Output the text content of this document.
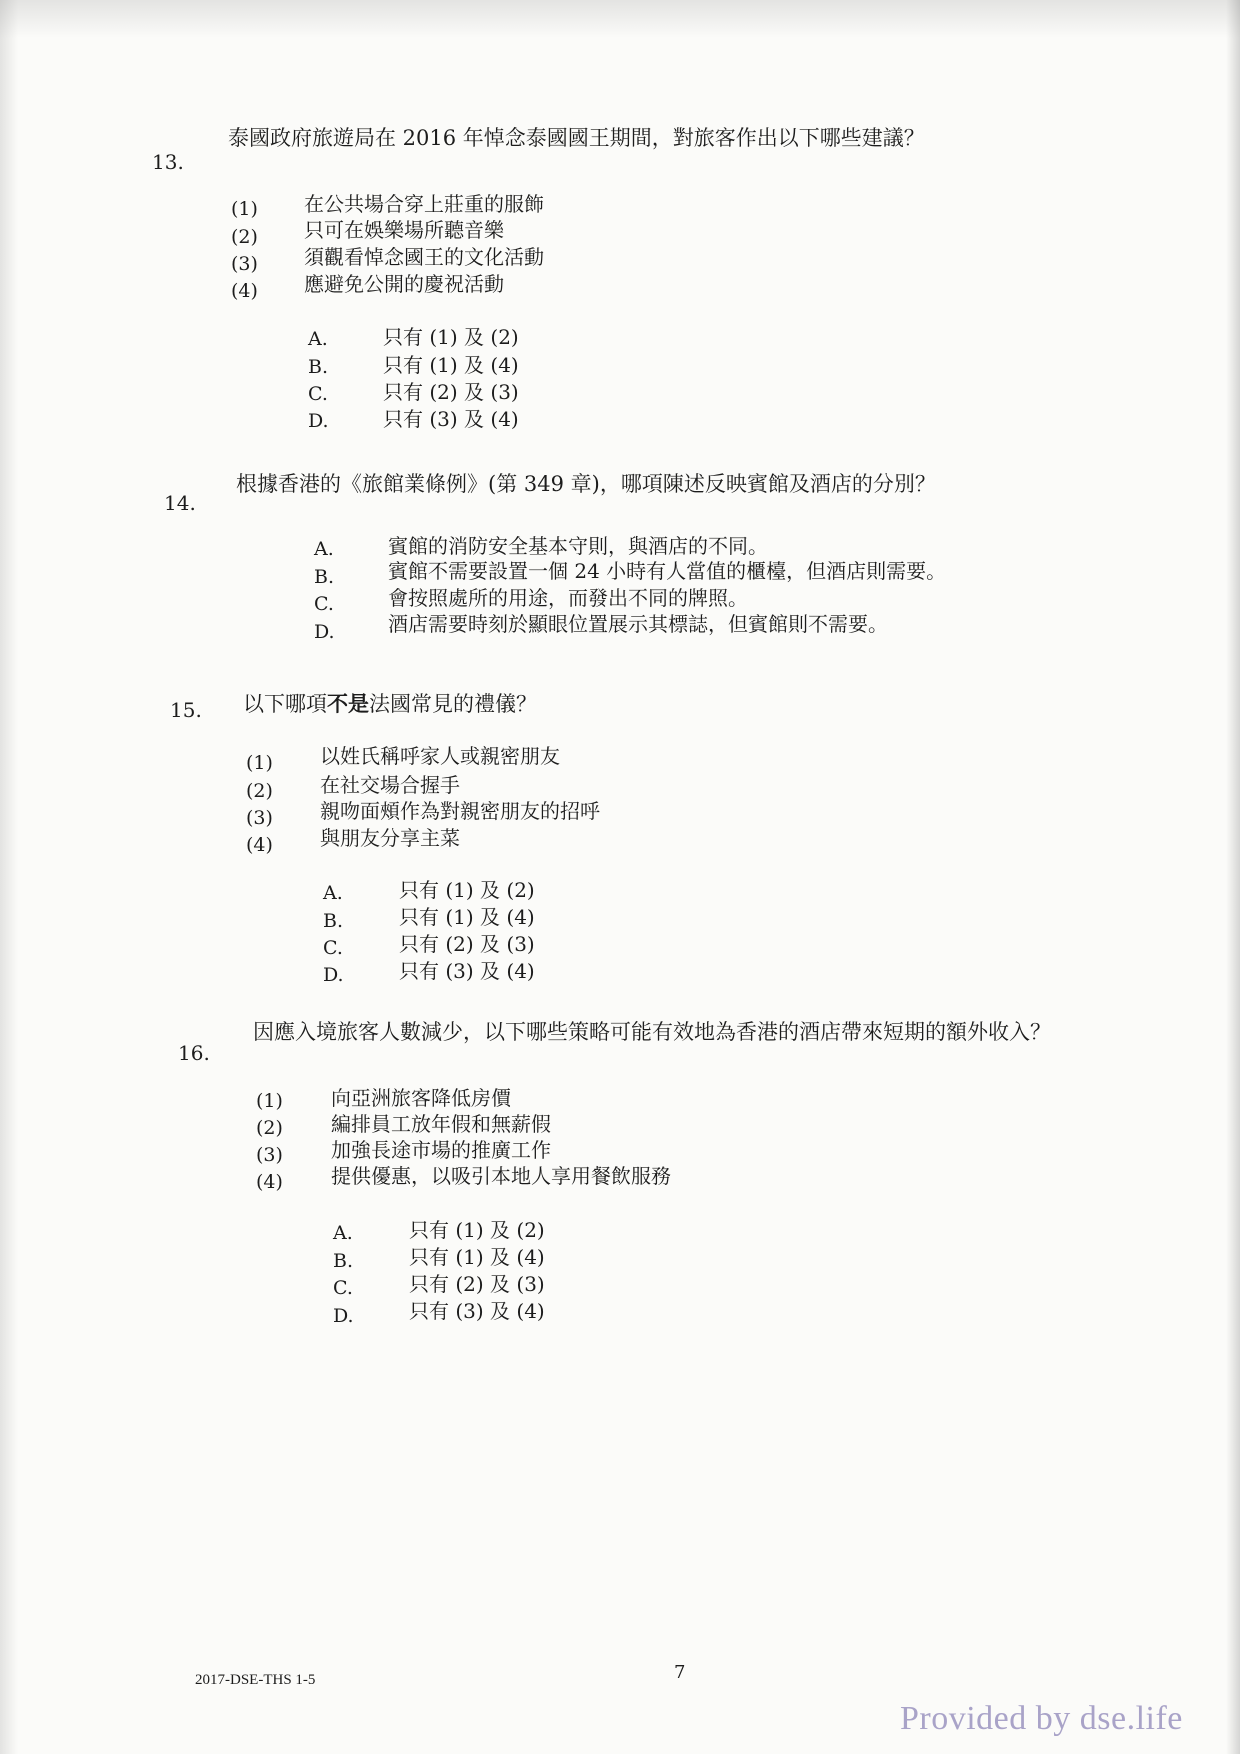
13.
泰國政府旅遊局在 2016 年悼念泰國國王期間，對旅客作出以下哪些建議？
(1) 在公共場合穿上莊重的服飾
(2) 只可在娛樂場所聽音樂
(3) 須觀看悼念國王的文化活動
(4) 應避免公開的慶祝活動
A.	只有 (1) 及 (2)
B.	只有 (1) 及 (4)
C.	只有 (2) 及 (3)
D.	只有 (3) 及 (4)
14.
根據香港的《旅館業條例》(第 349 章)，哪項陳述反映賓館及酒店的分別？
A.	賓館的消防安全基本守則，與酒店的不同。
B.	賓館不需要設置一個 24 小時有人當值的櫃檯，但酒店則需要。
C.	會按照處所的用途，而發出不同的牌照。
D.	酒店需要時刻於顯眼位置展示其標誌，但賓館則不需要。
15. 以下哪項不是法國常見的禮儀？
(1) 以姓氏稱呼家人或親密朋友
(2) 在社交場合握手
(3) 親吻面頰作為對親密朋友的招呼
(4) 與朋友分享主菜
A.	只有 (1) 及 (2)
B.	只有 (1) 及 (4)
C.	只有 (2) 及 (3)
D.	只有 (3) 及 (4)
16.
因應入境旅客人數減少，以下哪些策略可能有效地為香港的酒店帶來短期的額外收入？
(1) 向亞洲旅客降低房價
(2) 編排員工放年假和無薪假
(3) 加強長途市場的推廣工作
(4) 提供優惠，以吸引本地人享用餐飲服務
A.	只有 (1) 及 (2)
B.	只有 (1) 及 (4)
C.	只有 (2) 及 (3)
D.	只有 (3) 及 (4)
7
2017-DSE-THS 1-5
Provided by dse.life
